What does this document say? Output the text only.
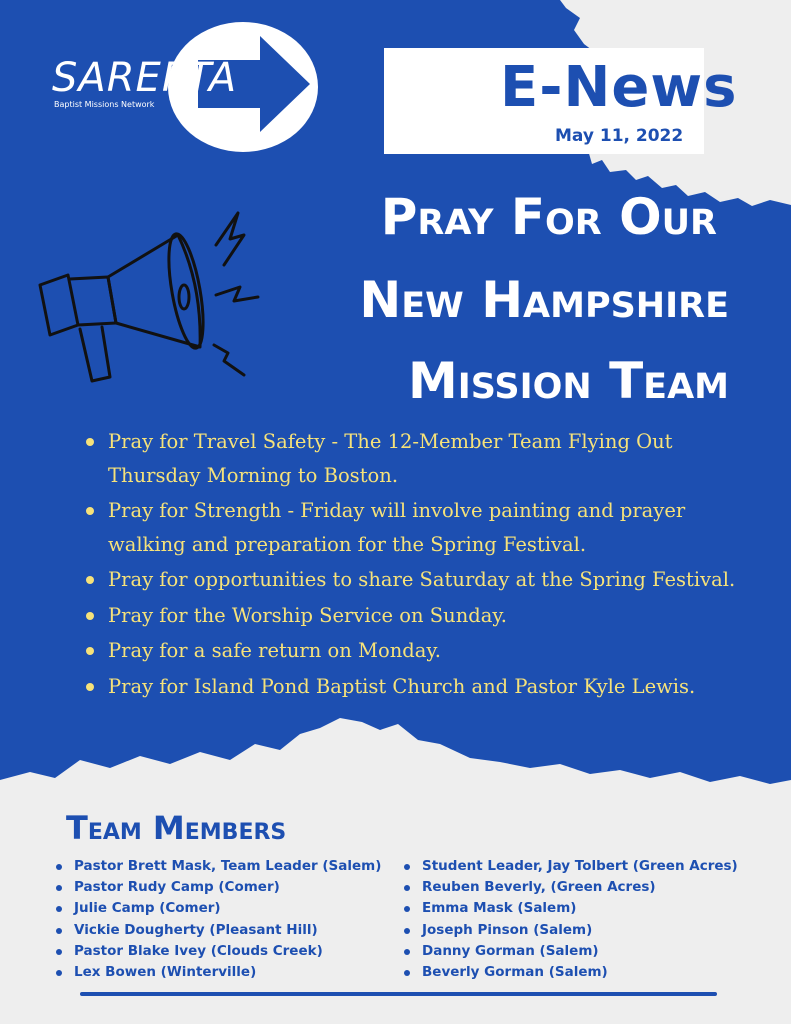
SAREPTA
Baptist Missions Network	E-News
May 11, 2022
Pray For Our
New Hampshire
Mission Team
Pray for Travel Safety - The 12-Member Team Flying Out Thursday Morning to Boston.
Pray for Strength - Friday will involve painting and prayer walking and preparation for the Spring Festival.
Pray for opportunities to share Saturday at the Spring Festival.
Pray for the Worship Service on Sunday.
Pray for a safe return on Monday.
Pray for Island Pond Baptist Church and Pastor Kyle Lewis.
Team Members
Pastor Brett Mask, Team Leader (Salem)
Pastor Rudy Camp (Comer)
Julie Camp (Comer)
Vickie Dougherty (Pleasant Hill)
Pastor Blake Ivey (Clouds Creek)
Lex Bowen (Winterville)
Student Leader, Jay Tolbert (Green Acres)
Reuben Beverly, (Green Acres)
Emma Mask (Salem)
Joseph Pinson (Salem)
Danny Gorman (Salem)
Beverly Gorman (Salem)
